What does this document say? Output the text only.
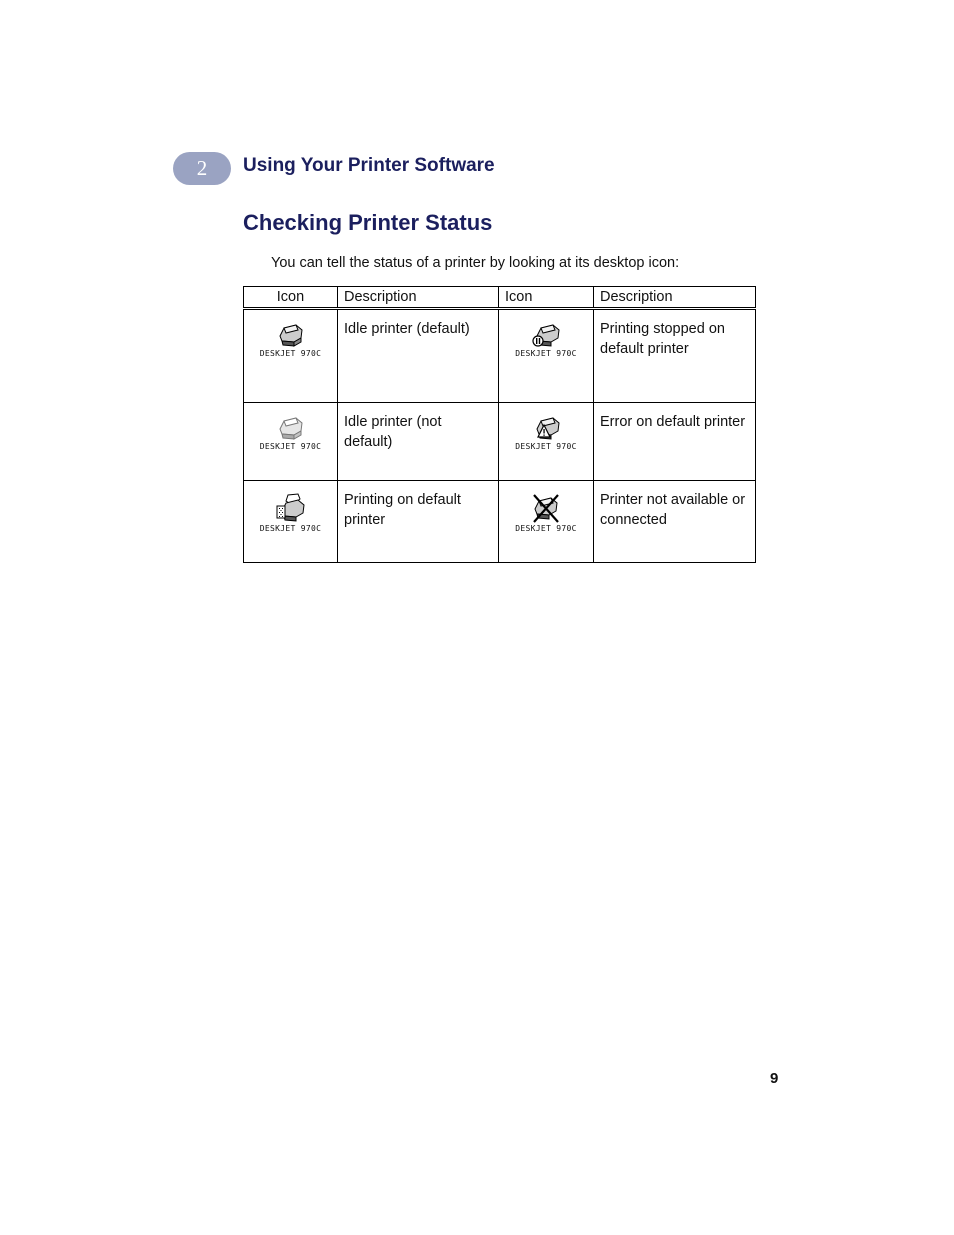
2	Using Your Printer Software
Checking Printer Status
You can tell the status of a printer by looking at its desktop icon:
Icon	Description	Icon	Description

DESKJET 970C	Idle printer (default)	DESKJET 970C	Printing stopped on default printer

DESKJET 970C	Idle printer (not default)	DESKJET 970C	Error on default printer

DESKJET 970C	Printing on default printer	DESKJET 970C	Printer not available or connected
9
